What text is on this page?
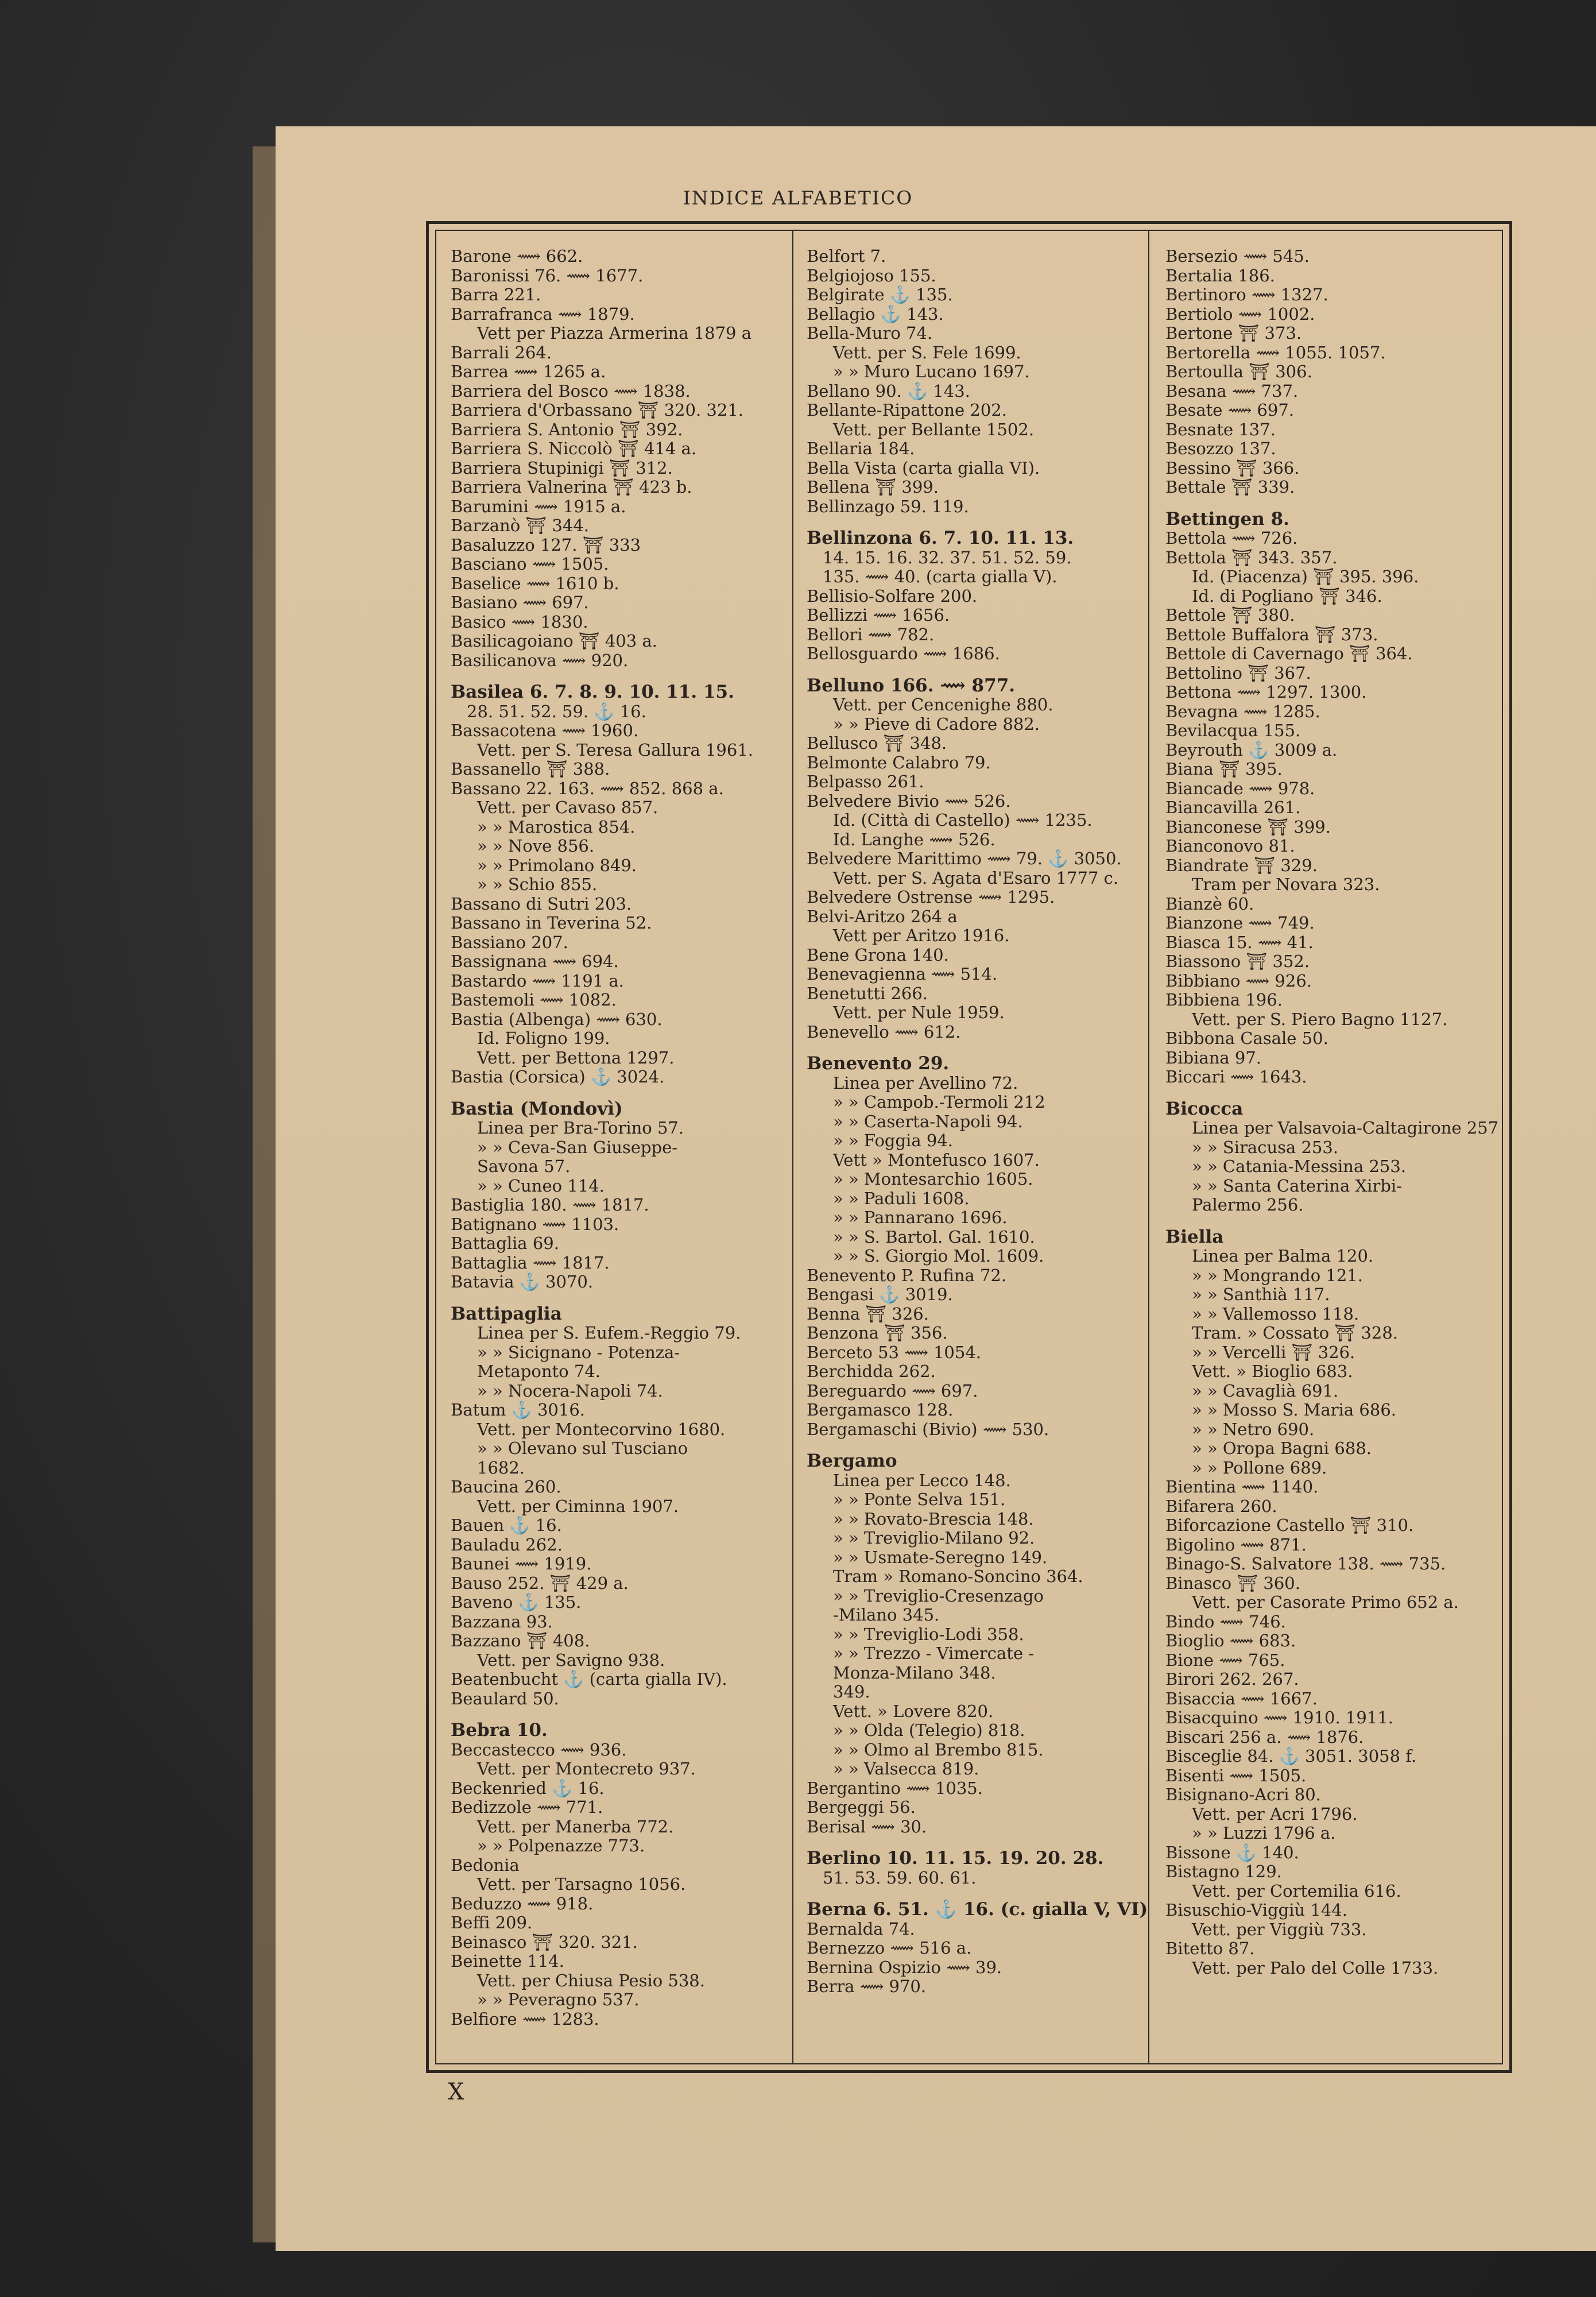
INDICE ALFABETICO
Barone ⟿ 662.
Baronissi 76. ⟿ 1677.
Barra 221.
Barrafranca ⟿ 1879.
Vett per Piazza Armerina 1879 a
Barrali 264.
Barrea ⟿ 1265 a.
Barriera del Bosco ⟿ 1838.
Barriera d'Orbassano ⛩ 320. 321.
Barriera S. Antonio ⛩ 392.
Barriera S. Niccolò ⛩ 414 a.
Barriera Stupinigi ⛩ 312.
Barriera Valnerina ⛩ 423 b.
Barumini ⟿ 1915 a.
Barzanò ⛩ 344.
Basaluzzo 127. ⛩ 333
Basciano ⟿ 1505.
Baselice ⟿ 1610 b.
Basiano ⟿ 697.
Basico ⟿ 1830.
Basilicagoiano ⛩ 403 a.
Basilicanova ⟿ 920.
Basilea 6. 7. 8. 9. 10. 11. 15.
28. 51. 52. 59. ⚓ 16.
Bassacotena ⟿ 1960.
Vett. per S. Teresa Gallura 1961.
Bassanello ⛩ 388.
Bassano 22. 163. ⟿ 852. 868 a.
Vett. per Cavaso 857.
» » Marostica 854.
» » Nove 856.
» » Primolano 849.
» » Schio 855.
Bassano di Sutri 203.
Bassano in Teverina 52.
Bassiano 207.
Bassignana ⟿ 694.
Bastardo ⟿ 1191 a.
Bastemoli ⟿ 1082.
Bastia (Albenga) ⟿ 630.
Id. Foligno 199.
Vett. per Bettona 1297.
Bastia (Corsica) ⚓ 3024.
Bastia (Mondovì)
Linea per Bra-Torino 57.
» » Ceva-San Giuseppe-
Savona 57.
» » Cuneo 114.
Bastiglia 180. ⟿ 1817.
Batignano ⟿ 1103.
Battaglia 69.
Battaglia ⟿ 1817.
Batavia ⚓ 3070.
Battipaglia
Linea per S. Eufem.-Reggio 79.
» » Sicignano - Potenza-
Metaponto 74.
» » Nocera-Napoli 74.
Batum ⚓ 3016.
Vett. per Montecorvino 1680.
» » Olevano sul Tusciano
1682.
Baucina 260.
Vett. per Ciminna 1907.
Bauen ⚓ 16.
Bauladu 262.
Baunei ⟿ 1919.
Bauso 252. ⛩ 429 a.
Baveno ⚓ 135.
Bazzana 93.
Bazzano ⛩ 408.
Vett. per Savigno 938.
Beatenbucht ⚓ (carta gialla IV).
Beaulard 50.
Bebra 10.
Beccastecco ⟿ 936.
Vett. per Montecreto 937.
Beckenried ⚓ 16.
Bedizzole ⟿ 771.
Vett. per Manerba 772.
» » Polpenazze 773.
Bedonia
Vett. per Tarsagno 1056.
Beduzzo ⟿ 918.
Beffi 209.
Beinasco ⛩ 320. 321.
Beinette 114.
Vett. per Chiusa Pesio 538.
» » Peveragno 537.
Belfiore ⟿ 1283.
Belfort 7.
Belgiojoso 155.
Belgirate ⚓ 135.
Bellagio ⚓ 143.
Bella-Muro 74.
Vett. per S. Fele 1699.
» » Muro Lucano 1697.
Bellano 90. ⚓ 143.
Bellante-Ripattone 202.
Vett. per Bellante 1502.
Bellaria 184.
Bella Vista (carta gialla VI).
Bellena ⛩ 399.
Bellinzago 59. 119.
Bellinzona 6. 7. 10. 11. 13.
14. 15. 16. 32. 37. 51. 52. 59.
135. ⟿ 40. (carta gialla V).
Bellisio-Solfare 200.
Bellizzi ⟿ 1656.
Bellori ⟿ 782.
Bellosguardo ⟿ 1686.
Belluno 166. ⟿ 877.
Vett. per Cencenighe 880.
» » Pieve di Cadore 882.
Bellusco ⛩ 348.
Belmonte Calabro 79.
Belpasso 261.
Belvedere Bivio ⟿ 526.
Id. (Città di Castello) ⟿ 1235.
Id. Langhe ⟿ 526.
Belvedere Marittimo ⟿ 79. ⚓ 3050.
Vett. per S. Agata d'Esaro 1777 c.
Belvedere Ostrense ⟿ 1295.
Belvi-Aritzo 264 a
Vett per Aritzo 1916.
Bene Grona 140.
Benevagienna ⟿ 514.
Benetutti 266.
Vett. per Nule 1959.
Benevello ⟿ 612.
Benevento 29.
Linea per Avellino 72.
» » Campob.-Termoli 212
» » Caserta-Napoli 94.
» » Foggia 94.
Vett » Montefusco 1607.
» » Montesarchio 1605.
» » Paduli 1608.
» » Pannarano 1696.
» » S. Bartol. Gal. 1610.
» » S. Giorgio Mol. 1609.
Benevento P. Rufina 72.
Bengasi ⚓ 3019.
Benna ⛩ 326.
Benzona ⛩ 356.
Berceto 53 ⟿ 1054.
Berchidda 262.
Bereguardo ⟿ 697.
Bergamasco 128.
Bergamaschi (Bivio) ⟿ 530.
Bergamo
Linea per Lecco 148.
» » Ponte Selva 151.
» » Rovato-Brescia 148.
» » Treviglio-Milano 92.
» » Usmate-Seregno 149.
Tram » Romano-Soncino 364.
» » Treviglio-Cresenzago
-Milano 345.
» » Treviglio-Lodi 358.
» » Trezzo - Vimercate -
Monza-Milano 348.
349.
Vett. » Lovere 820.
» » Olda (Telegio) 818.
» » Olmo al Brembo 815.
» » Valsecca 819.
Bergantino ⟿ 1035.
Bergeggi 56.
Berisal ⟿ 30.
Berlino 10. 11. 15. 19. 20. 28.
51. 53. 59. 60. 61.
Berna 6. 51. ⚓ 16. (c. gialla V, VI)
Bernalda 74.
Bernezzo ⟿ 516 a.
Bernina Ospizio ⟿ 39.
Berra ⟿ 970.
Bersezio ⟿ 545.
Bertalia 186.
Bertinoro ⟿ 1327.
Bertiolo ⟿ 1002.
Bertone ⛩ 373.
Bertorella ⟿ 1055. 1057.
Bertoulla ⛩ 306.
Besana ⟿ 737.
Besate ⟿ 697.
Besnate 137.
Besozzo 137.
Bessino ⛩ 366.
Bettale ⛩ 339.
Bettingen 8.
Bettola ⟿ 726.
Bettola ⛩ 343. 357.
Id. (Piacenza) ⛩ 395. 396.
Id. di Pogliano ⛩ 346.
Bettole ⛩ 380.
Bettole Buffalora ⛩ 373.
Bettole di Cavernago ⛩ 364.
Bettolino ⛩ 367.
Bettona ⟿ 1297. 1300.
Bevagna ⟿ 1285.
Bevilacqua 155.
Beyrouth ⚓ 3009 a.
Biana ⛩ 395.
Biancade ⟿ 978.
Biancavilla 261.
Bianconese ⛩ 399.
Bianconovo 81.
Biandrate ⛩ 329.
Tram per Novara 323.
Bianzè 60.
Bianzone ⟿ 749.
Biasca 15. ⟿ 41.
Biassono ⛩ 352.
Bibbiano ⟿ 926.
Bibbiena 196.
Vett. per S. Piero Bagno 1127.
Bibbona Casale 50.
Bibiana 97.
Biccari ⟿ 1643.
Bicocca
Linea per Valsavoia-Caltagirone 257
» » Siracusa 253.
» » Catania-Messina 253.
» » Santa Caterina Xirbi-
Palermo 256.
Biella
Linea per Balma 120.
» » Mongrando 121.
» » Santhià 117.
» » Vallemosso 118.
Tram. » Cossato ⛩ 328.
» » Vercelli ⛩ 326.
Vett. » Bioglio 683.
» » Cavaglià 691.
» » Mosso S. Maria 686.
» » Netro 690.
» » Oropa Bagni 688.
» » Pollone 689.
Bientina ⟿ 1140.
Bifarera 260.
Biforcazione Castello ⛩ 310.
Bigolino ⟿ 871.
Binago-S. Salvatore 138. ⟿ 735.
Binasco ⛩ 360.
Vett. per Casorate Primo 652 a.
Bindo ⟿ 746.
Bioglio ⟿ 683.
Bione ⟿ 765.
Birori 262. 267.
Bisaccia ⟿ 1667.
Bisacquino ⟿ 1910. 1911.
Biscari 256 a. ⟿ 1876.
Bisceglie 84. ⚓ 3051. 3058 f.
Bisenti ⟿ 1505.
Bisignano-Acri 80.
Vett. per Acri 1796.
» » Luzzi 1796 a.
Bissone ⚓ 140.
Bistagno 129.
Vett. per Cortemilia 616.
Bisuschio-Viggiù 144.
Vett. per Viggiù 733.
Bitetto 87.
Vett. per Palo del Colle 1733.
X
